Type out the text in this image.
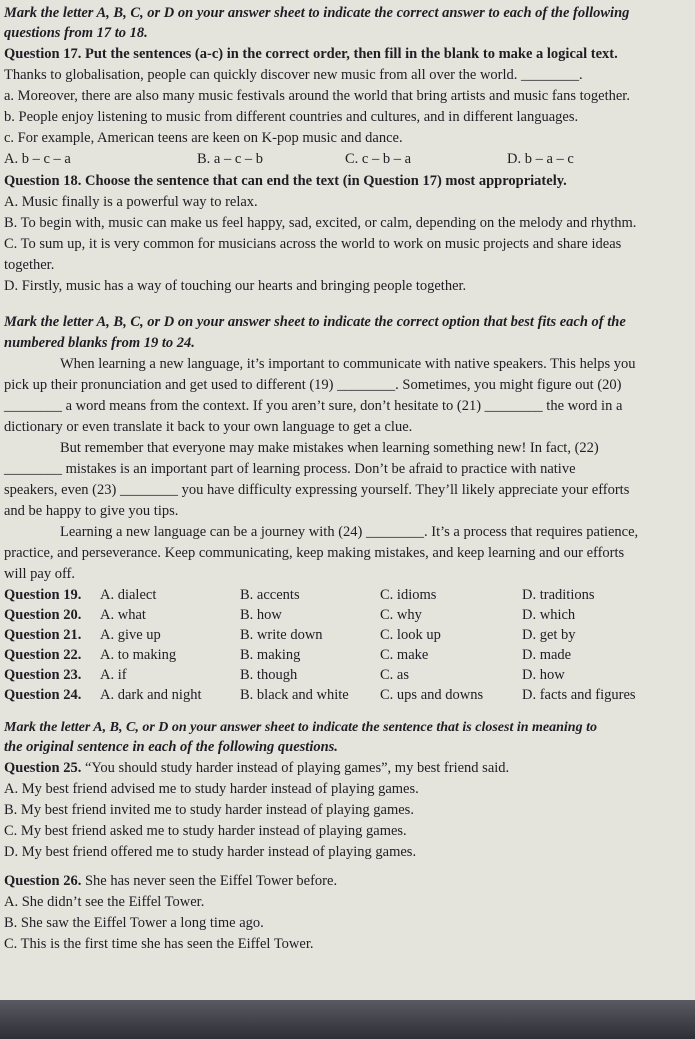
Mark the letter A, B, C, or D on your answer sheet to indicate the correct answer to each of the following
questions from 17 to 18.
Question 17. Put the sentences (a-c) in the correct order, then fill in the blank to make a logical text.
Thanks to globalisation, people can quickly discover new music from all over the world. ________.
a. Moreover, there are also many music festivals around the world that bring artists and music fans together.
b. People enjoy listening to music from different countries and cultures, and in different languages.
c. For example, American teens are keen on K-pop music and dance.
A. b – c – a	B. a – c – b	C. c – b – a	D. b – a – c
Question 18. Choose the sentence that can end the text (in Question 17) most appropriately.
A. Music finally is a powerful way to relax.
B. To begin with, music can make us feel happy, sad, excited, or calm, depending on the melody and rhythm.
C. To sum up, it is very common for musicians across the world to work on music projects and share ideas
together.
D. Firstly, music has a way of touching our hearts and bringing people together.
Mark the letter A, B, C, or D on your answer sheet to indicate the correct option that best fits each of the
numbered blanks from 19 to 24.
When learning a new language, it’s important to communicate with native speakers. This helps you
pick up their pronunciation and get used to different (19) ________. Sometimes, you might figure out (20)
________ a word means from the context. If you aren’t sure, don’t hesitate to (21) ________ the word in a
dictionary or even translate it back to your own language to get a clue.
But remember that everyone may make mistakes when learning something new! In fact, (22)
________ mistakes is an important part of learning process. Don’t be afraid to practice with native
speakers, even (23) ________ you have difficulty expressing yourself. They’ll likely appreciate your efforts
and be happy to give you tips.
Learning a new language can be a journey with (24) ________. It’s a process that requires patience,
practice, and perseverance. Keep communicating, keep making mistakes, and keep learning and our efforts
will pay off.
Question 19. A. dialect	B. accents	C. idioms	D. traditions
Question 20. A. what	B. how	C. why	D. which
Question 21. A. give up	B. write down	C. look up	D. get by
Question 22. A. to making	B. making	C. make	D. made
Question 23. A. if	B. though	C. as	D. how
Question 24. A. dark and night	B. black and white C. ups and downs	D. facts and figures
Mark the letter A, B, C, or D on your answer sheet to indicate the sentence that is closest in meaning to
the original sentence in each of the following questions.
Question 25. “You should study harder instead of playing games”, my best friend said.
A. My best friend advised me to study harder instead of playing games.
B. My best friend invited me to study harder instead of playing games.
C. My best friend asked me to study harder instead of playing games.
D. My best friend offered me to study harder instead of playing games.
Question 26. She has never seen the Eiffel Tower before.
A. She didn’t see the Eiffel Tower.
B. She saw the Eiffel Tower a long time ago.
C. This is the first time she has seen the Eiffel Tower.
